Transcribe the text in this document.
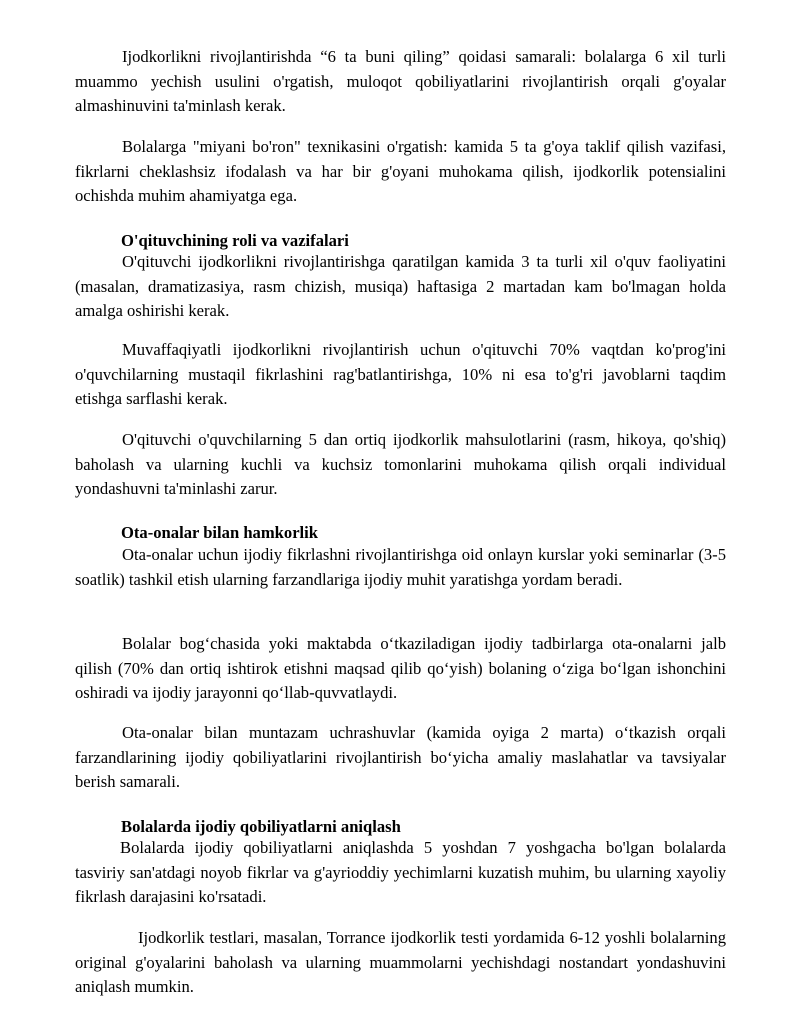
Ijodkorlikni rivojlantirishda “6 ta buni qiling” qoidasi samarali: bolalarga 6 xil turli muammo yechish usulini o'rgatish, muloqot qobiliyatlarini rivojlantirish orqali g'oyalar almashinuvini ta'minlash kerak.

Bolalarga "miyani bo'ron" texnikasini o'rgatish: kamida 5 ta g'oya taklif qilish vazifasi, fikrlarni cheklashsiz ifodalash va har bir g'oyani muhokama qilish, ijodkorlik potensialini ochishda muhim ahamiyatga ega.

O'qituvchining roli va vazifalari

O'qituvchi ijodkorlikni rivojlantirishga qaratilgan kamida 3 ta turli xil o'quv faoliyatini (masalan, dramatizasiya, rasm chizish, musiqa) haftasiga 2 martadan kam bo'lmagan holda amalga oshirishi kerak.

Muvaffaqiyatli ijodkorlikni rivojlantirish uchun o'qituvchi 70% vaqtdan ko'prog'ini o'quvchilarning mustaqil fikrlashini rag'batlantirishga, 10% ni esa to'g'ri javoblarni taqdim etishga sarflashi kerak.

O'qituvchi o'quvchilarning 5 dan ortiq ijodkorlik mahsulotlarini (rasm, hikoya, qo'shiq) baholash va ularning kuchli va kuchsiz tomonlarini muhokama qilish orqali individual yondashuvni ta'minlashi zarur.

Ota-onalar bilan hamkorlik

Ota-onalar uchun ijodiy fikrlashni rivojlantirishga oid onlayn kurslar yoki seminarlar (3-5 soatlik) tashkil etish ularning farzandlariga ijodiy muhit yaratishga yordam beradi.

Bolalar bog‘chasida yoki maktabda o‘tkaziladigan ijodiy tadbirlarga ota-onalarni jalb qilish (70% dan ortiq ishtirok etishni maqsad qilib qo‘yish) bolaning o‘ziga bo‘lgan ishonchini oshiradi va ijodiy jarayonni qo‘llab-quvvatlaydi.

Ota-onalar bilan muntazam uchrashuvlar (kamida oyiga 2 marta) o‘tkazish orqali farzandlarining ijodiy qobiliyatlarini rivojlantirish bo‘yicha amaliy maslahatlar va tavsiyalar berish samarali.

Bolalarda ijodiy qobiliyatlarni aniqlash

Bolalarda ijodiy qobiliyatlarni aniqlashda 5 yoshdan 7 yoshgacha bo'lgan bolalarda tasviriy san'atdagi noyob fikrlar va g'ayrioddiy yechimlarni kuzatish muhim, bu ularning xayoliy fikrlash darajasini ko'rsatadi.

Ijodkorlik testlari, masalan, Torrance ijodkorlik testi yordamida 6-12 yoshli bolalarning original g'oyalarini baholash va ularning muammolarni yechishdagi nostandart yondashuvini aniqlash mumkin.
